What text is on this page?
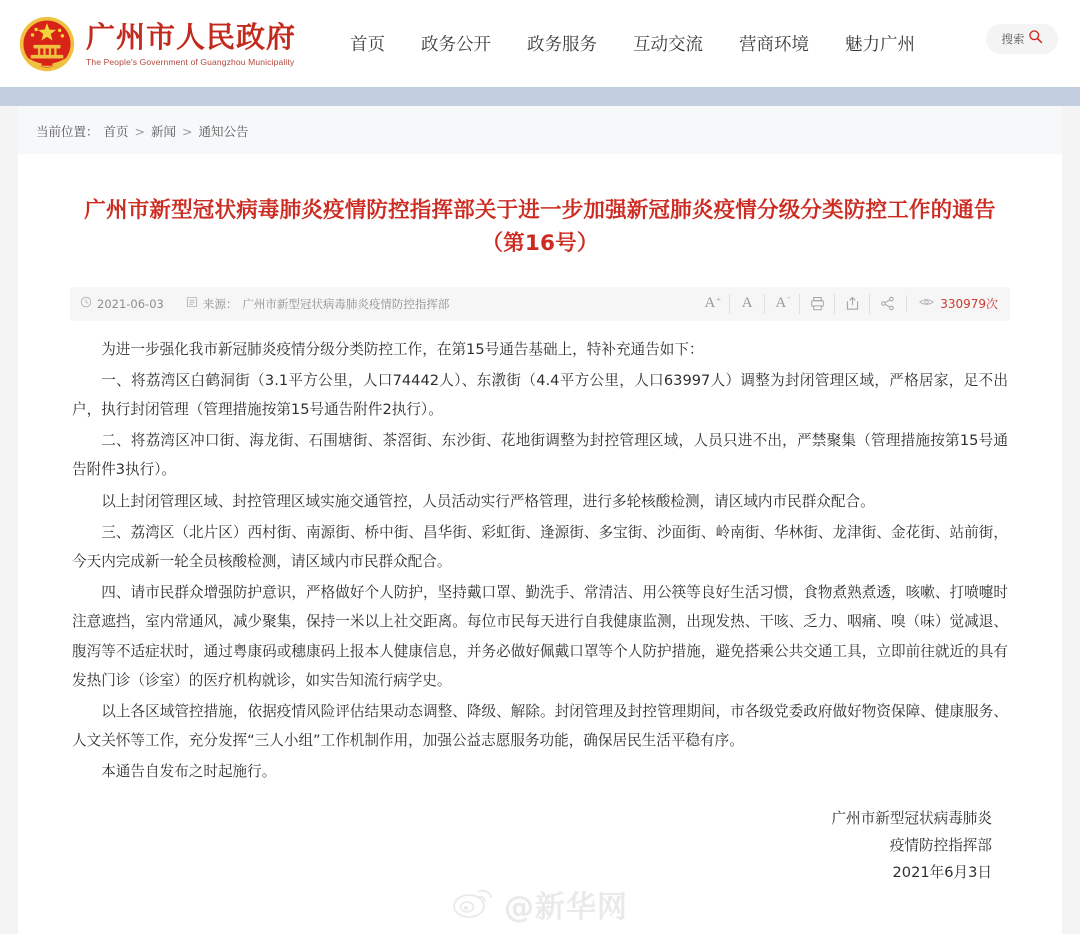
广州市人民政府
The People's Government of Guangzhou Municipality
首页 政务公开 政务服务 互动交流 营商环境 魅力广州	搜索
当前位置： 首页 > 新闻 > 通知公告
广州市新型冠状病毒肺炎疫情防控指挥部关于进一步加强新冠肺炎疫情分级分类防控工作的通告（第16号）
2021-06-03	来源： 广州市新型冠状病毒肺炎疫情防控指挥部	A+ A $A_-$	330979次

为进一步强化我市新冠肺炎疫情分级分类防控工作，在第15号通告基础上，特补充通告如下：

一、将荔湾区白鹤洞街（3.1平方公里，人口74442人）、东漖街（4.4平方公里，人口63997人）调整为封闭管理区域，严格居家，足不出户，执行封闭管理（管理措施按第15号通告附件2执行）。

二、将荔湾区冲口街、海龙街、石围塘街、茶滘街、东沙街、花地街调整为封控管理区域，人员只进不出，严禁聚集（管理措施按第15号通告附件3执行）。

以上封闭管理区域、封控管理区域实施交通管控，人员活动实行严格管理，进行多轮核酸检测，请区域内市民群众配合。

三、荔湾区（北片区）西村街、南源街、桥中街、昌华街、彩虹街、逢源街、多宝街、沙面街、岭南街、华林街、龙津街、金花街、站前街，今天内完成新一轮全员核酸检测，请区域内市民群众配合。

四、请市民群众增强防护意识，严格做好个人防护，坚持戴口罩、勤洗手、常清洁、用公筷等良好生活习惯，食物煮熟煮透，咳嗽、打喷嚏时注意遮挡，室内常通风，减少聚集，保持一米以上社交距离。每位市民每天进行自我健康监测，出现发热、干咳、乏力、咽痛、嗅（味）觉减退、腹泻等不适症状时，通过粤康码或穗康码上报本人健康信息，并务必做好佩戴口罩等个人防护措施，避免搭乘公共交通工具，立即前往就近的具有发热门诊（诊室）的医疗机构就诊，如实告知流行病学史。

以上各区域管控措施，依据疫情风险评估结果动态调整、降级、解除。封闭管理及封控管理期间，市各级党委政府做好物资保障、健康服务、人文关怀等工作，充分发挥“三人小组”工作机制作用，加强公益志愿服务功能，确保居民生活平稳有序。

本通告自发布之时起施行。

广州市新型冠状病毒肺炎
疫情防控指挥部
2021年6月3日
@新华网
